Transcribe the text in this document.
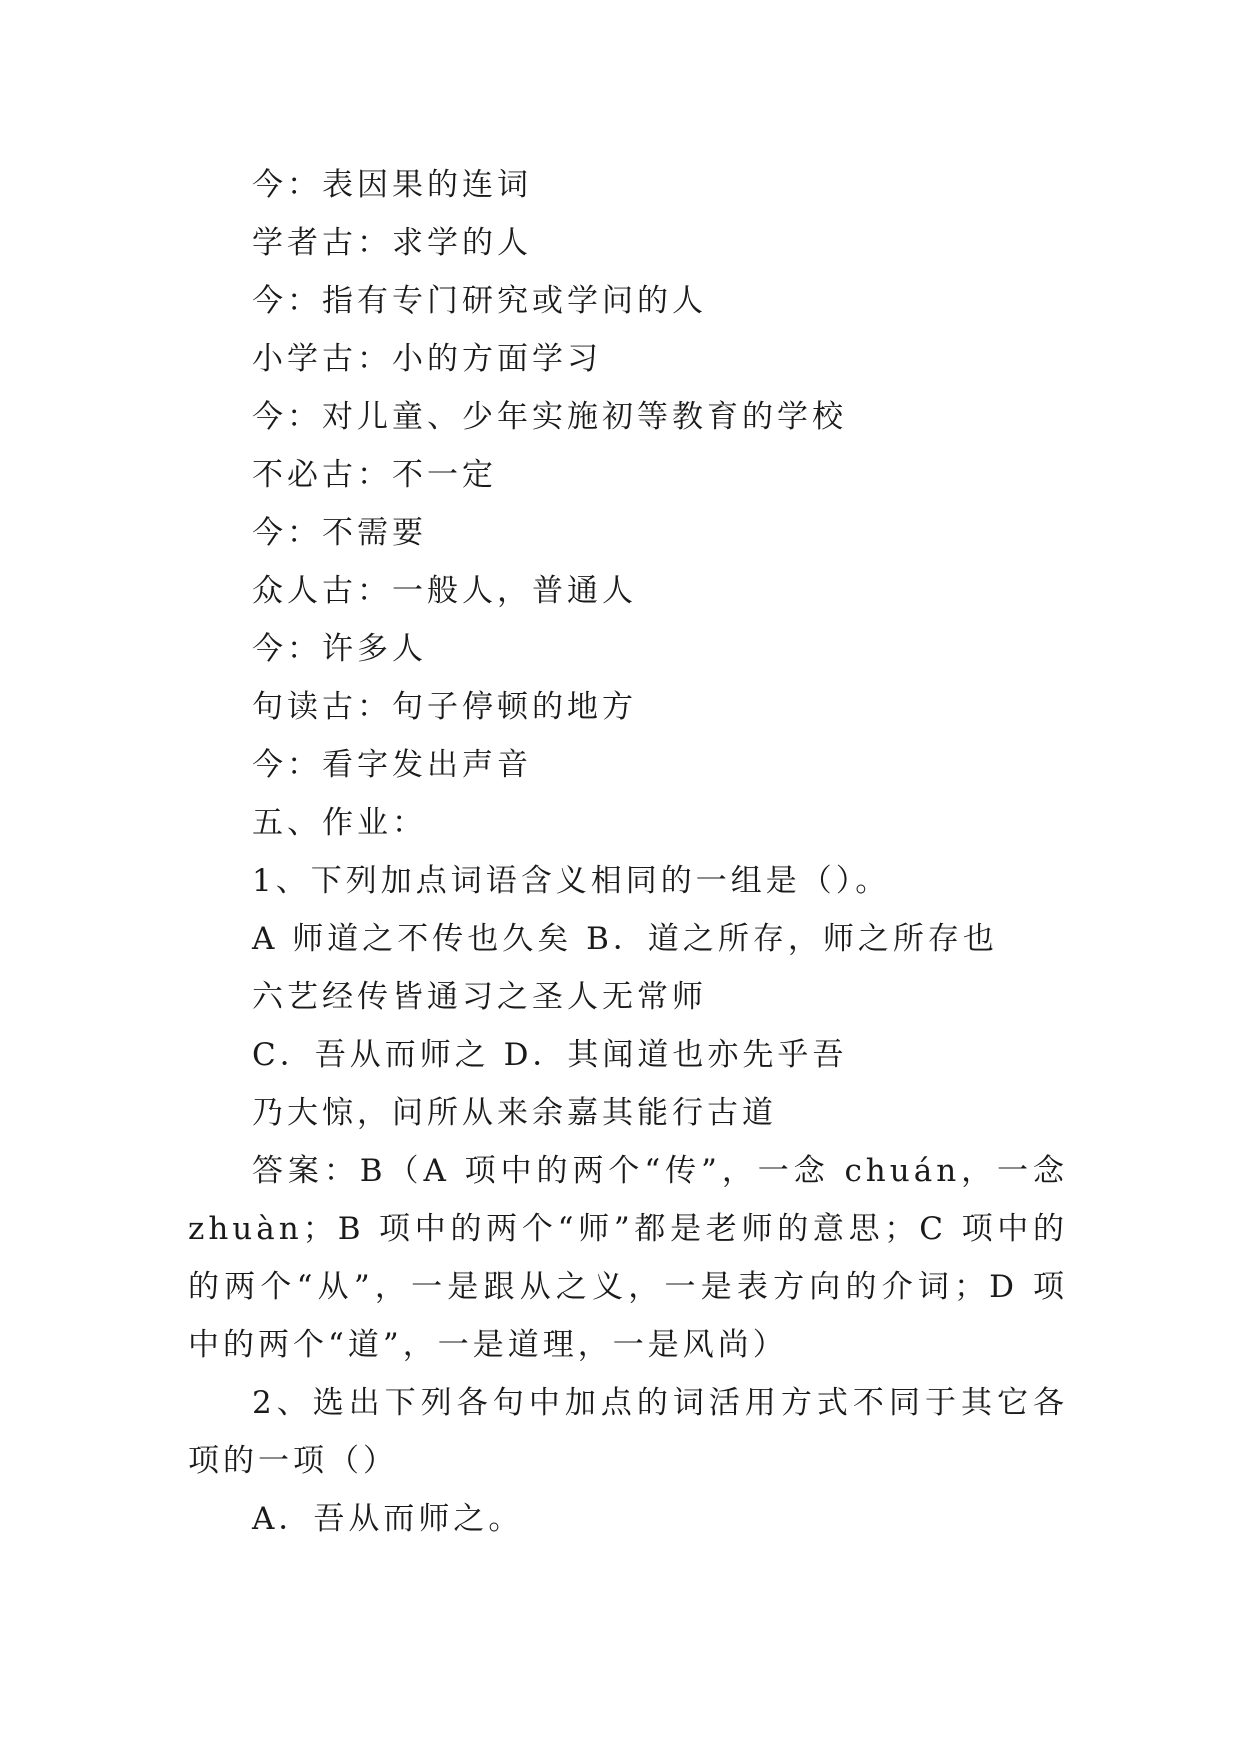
今：表因果的连词
学者古：求学的人
今：指有专门研究或学问的人
小学古：小的方面学习
今：对儿童、少年实施初等教育的学校
不必古：不一定
今：不需要
众人古：一般人，普通人
今：许多人
句读古：句子停顿的地方
今：看字发出声音
五、作业：
1、下列加点词语含义相同的一组是（）。
A 师道之不传也久矣 B．道之所存，师之所存也
六艺经传皆通习之圣人无常师
C．吾从而师之 D．其闻道也亦先乎吾
乃大惊，问所从来余嘉其能行古道

答案：B（A 项中的两个“传”，一念 chuán，一念 zhuàn；B 项中的两个“师”都是老师的意思；C 项中的的两个“从”，一是跟从之义，一是表方向的介词；D 项中的两个“道”，一是道理，一是风尚）

2、选出下列各句中加点的词活用方式不同于其它各项的一项（）

A．吾从而师之。
